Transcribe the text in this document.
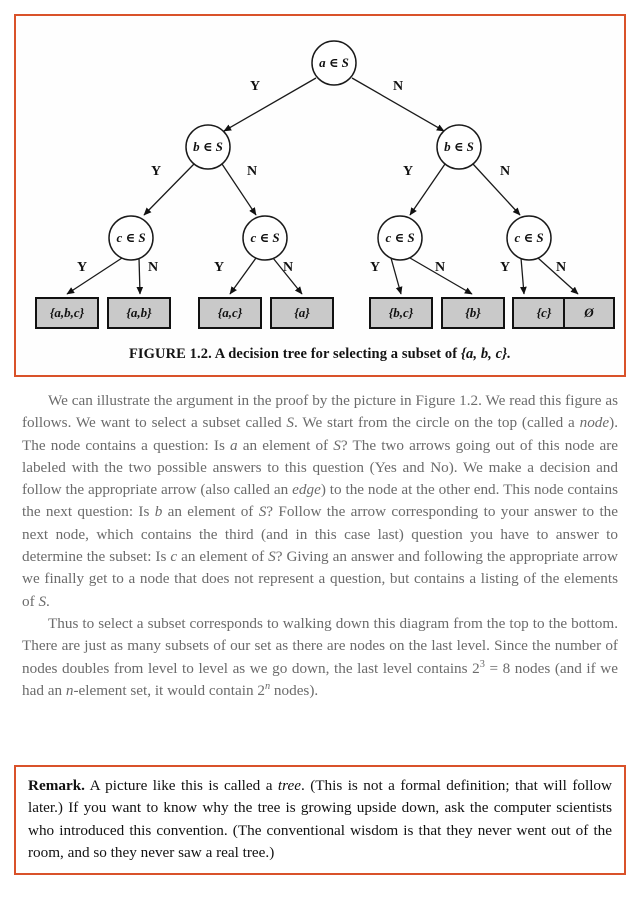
Y	N
Y	N	Y	N
Y	N	Y	N	Y	N	Y	N
a ∈ S
b ∈ S	b ∈ S
c ∈ S	c ∈ S	c ∈ S	c ∈ S
{a,b,c}	{a,b}	{a,c}	{a}	{b,c}	{b}	{c}	Ø
FIGURE 1.2. A decision tree for selecting a subset of {a, b, c}.

We can illustrate the argument in the proof by the picture in Figure 1.2. We read this figure as follows. We want to select a subset called S. We start from the circle on the top (called a node). The node contains a question: Is a an element of S? The two arrows going out of this node are labeled with the two possible answers to this question (Yes and No). We make a decision and follow the appropriate arrow (also called an edge) to the node at the other end. This node contains the next question: Is b an element of S? Follow the arrow corresponding to your answer to the next node, which contains the third (and in this case last) question you have to answer to determine the subset: Is c an element of S? Giving an answer and following the appropriate arrow we finally get to a node that does not represent a question, but contains a listing of the elements of S.

Thus to select a subset corresponds to walking down this diagram from the top to the bottom. There are just as many subsets of our set as there are nodes on the last level. Since the number of nodes doubles from level to level as we go down, the last level contains $2^3 = 8$ nodes (and if we had an n-element set, it would contain 2$^n$ nodes).

Remark. A picture like this is called a tree. (This is not a formal definition; that will follow later.) If you want to know why the tree is growing upside down, ask the computer scientists who introduced this convention. (The conventional wisdom is that they never went out of the room, and so they never saw a real tree.)
